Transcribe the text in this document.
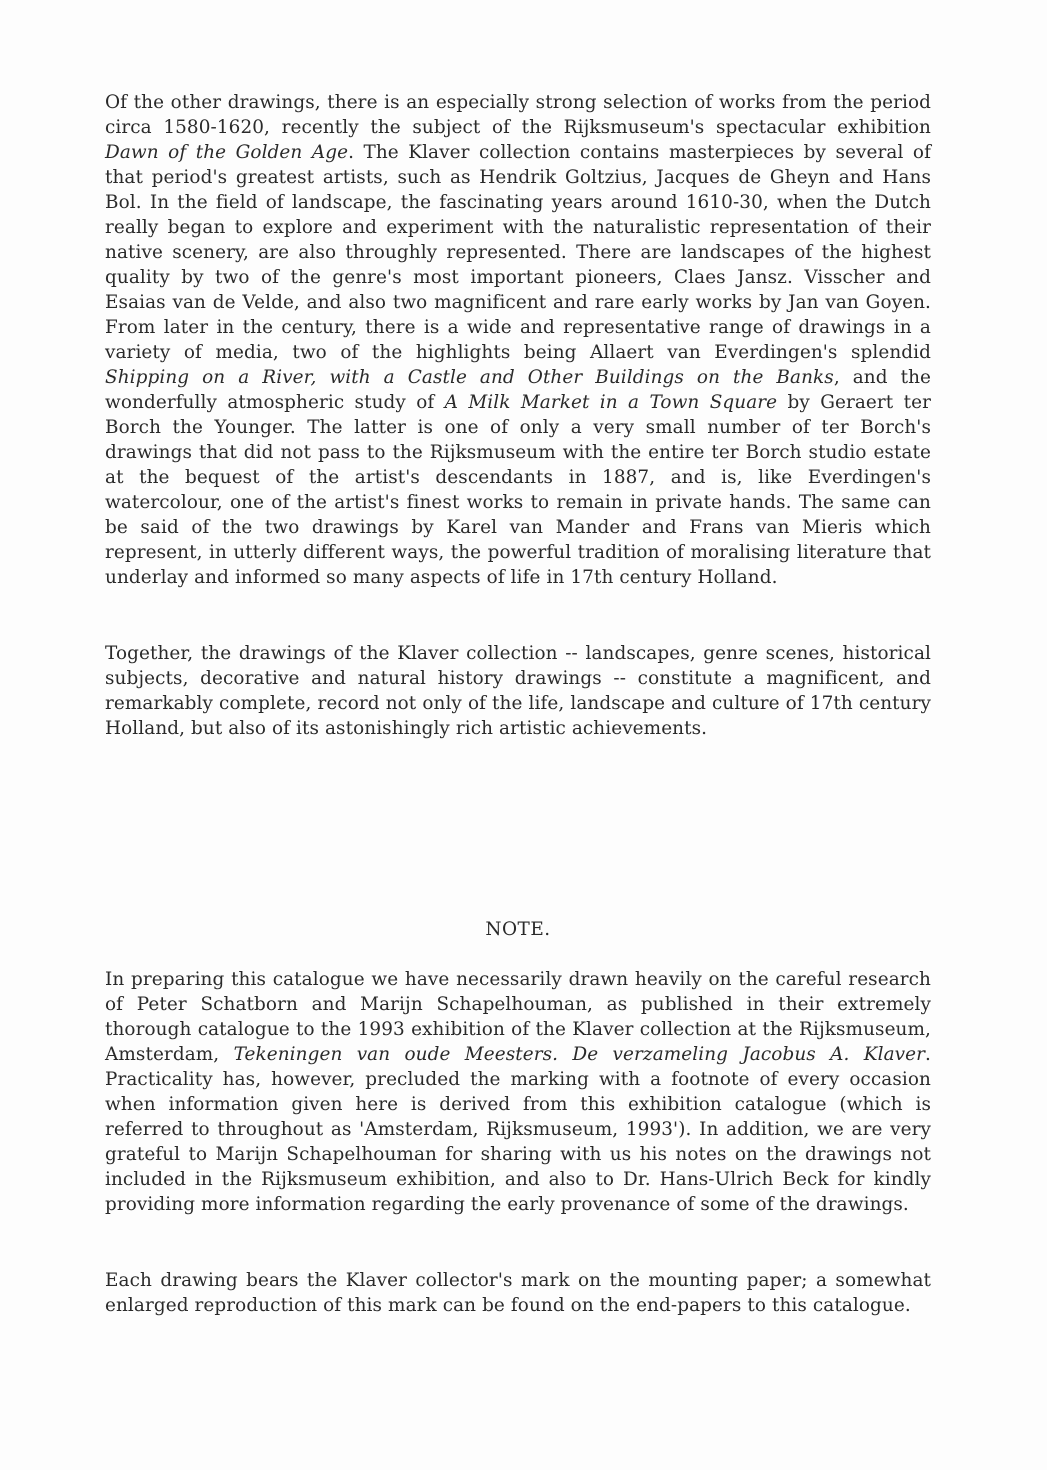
Of the other drawings, there is an especially strong selection of works from the period circa 1580-1620, recently the subject of the Rijksmuseum's spectacular exhibition Dawn of the Golden Age. The Klaver collection contains masterpieces by several of that period's greatest artists, such as Hendrik Goltzius, Jacques de Gheyn and Hans Bol. In the field of landscape, the fascinating years around 1610-30, when the Dutch really began to explore and experiment with the naturalistic representation of their native scenery, are also throughly represented. There are landscapes of the highest quality by two of the genre's most important pioneers, Claes Jansz. Visscher and Esaias van de Velde, and also two magnificent and rare early works by Jan van Goyen. From later in the century, there is a wide and representative range of drawings in a variety of media, two of the highlights being Allaert van Everdingen's splendid Shipping on a River, with a Castle and Other Buildings on the Banks, and the wonderfully atmospheric study of A Milk Market in a Town Square by Geraert ter Borch the Younger. The latter is one of only a very small number of ter Borch's drawings that did not pass to the Rijksmuseum with the entire ter Borch studio estate at the bequest of the artist's descendants in 1887, and is, like Everdingen's watercolour, one of the artist's finest works to remain in private hands. The same can be said of the two drawings by Karel van Mander and Frans van Mieris which represent, in utterly different ways, the powerful tradition of moralising literature that underlay and informed so many aspects of life in 17th century Holland.

Together, the drawings of the Klaver collection -- landscapes, genre scenes, historical subjects, decorative and natural history drawings -- constitute a magnificent, and remarkably complete, record not only of the life, landscape and culture of 17th century Holland, but also of its astonishingly rich artistic achievements.

NOTE.

In preparing this catalogue we have necessarily drawn heavily on the careful research of Peter Schatborn and Marijn Schapelhouman, as published in their extremely thorough catalogue to the 1993 exhibition of the Klaver collection at the Rijksmuseum, Amsterdam, Tekeningen van oude Meesters. De verzameling Jacobus A. Klaver. Practicality has, however, precluded the marking with a footnote of every occasion when information given here is derived from this exhibition catalogue (which is referred to throughout as 'Amsterdam, Rijksmuseum, 1993'). In addition, we are very grateful to Marijn Schapelhouman for sharing with us his notes on the drawings not included in the Rijksmuseum exhibition, and also to Dr. Hans-Ulrich Beck for kindly providing more information regarding the early provenance of some of the drawings.

Each drawing bears the Klaver collector's mark on the mounting paper; a somewhat enlarged reproduction of this mark can be found on the end-papers to this catalogue.
